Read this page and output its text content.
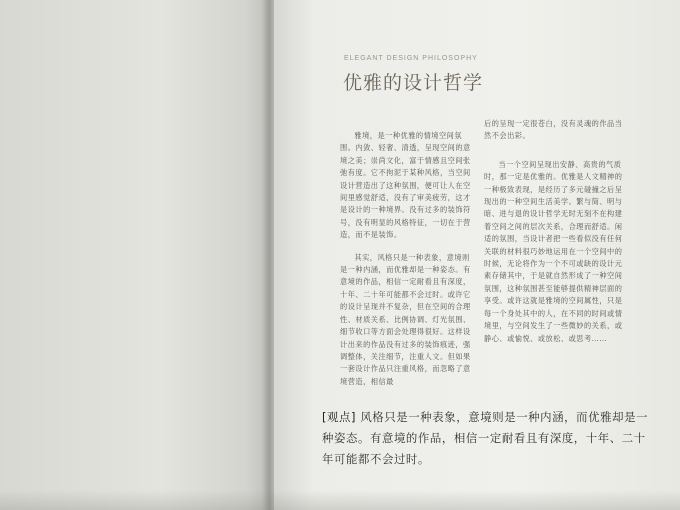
ELEGANT DESIGN PHILOSOPHY
优雅的设计哲学

雅境，是一种优雅的情境空间氛围。内敛、轻奢、清透，呈现空间的意境之美；崇尚文化，富于情感且空间张弛有度。它不拘泥于某种风格，当空间设计营造出了这种氛围，便可让人在空间里感觉舒适，没有了审美疲劳，这才是设计的一种境界。没有过多的装饰符号，没有明显的风格特征，一切在于营造，而不是装饰。

其实，风格只是一种表象，意境则是一种内涵，而优雅却是一种姿态。有意境的作品，相信一定耐看且有深度，十年、二十年可能都不会过时。或许它的设计呈现并不复杂，但在空间的合理性、材质关系、比例协调、灯光氛围、细节收口等方面会处理得很好。这样设计出来的作品没有过多的装饰痕迹，强调整体，关注细节，注重人文。但如果一套设计作品只注重风格，而忽略了意境营造，相信最

后的呈现一定很苍白，没有灵魂的作品当然不会出彩。

当一个空间呈现出安静、高贵的气质时，那一定是优雅的。优雅是人文精神的一种极致表现，是经历了多元碰撞之后呈现出的一种空间生活美学。繁与简、明与暗、进与退的设计哲学无时无刻不在构建着空间之间的层次关系，合理而舒适。闲适的氛围，当设计者把一些看似没有任何关联的材料很巧妙地运用在一个空间中的时候，无论将作为一个不可或缺的设计元素存储其中，于是就自然形成了一种空间氛围，这种氛围甚至能够提供精神层面的享受。或许这就是雅境的空间属性，只是每一个身处其中的人，在不同的时间或情境里，与空间发生了一些微妙的关系，或静心、或愉悦、或放松、或思考……

[观点] 风格只是一种表象，意境则是一种内涵，而优雅却是一种姿态。有意境的作品，相信一定耐看且有深度，十年、二十年可能都不会过时。
